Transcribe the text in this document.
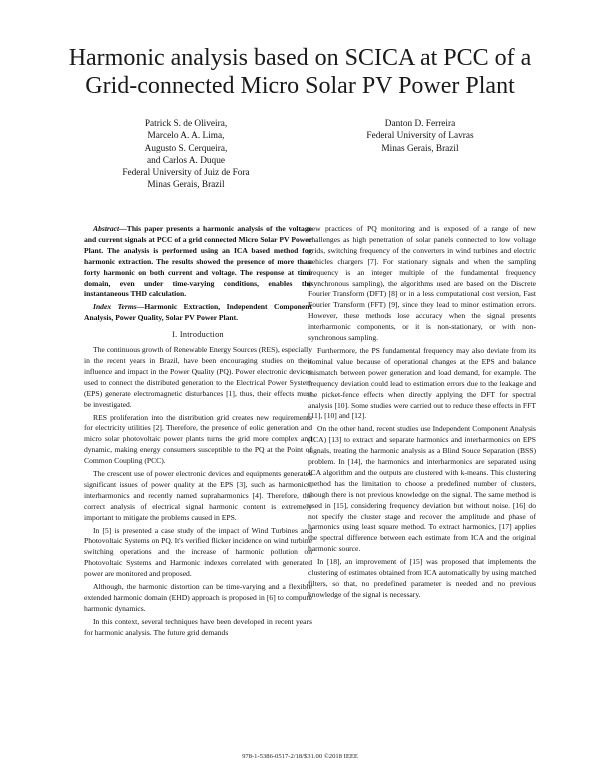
Harmonic analysis based on SCICA at PCC of a
Grid-connected Micro Solar PV Power Plant
Patrick S. de Oliveira,
Marcelo A. A. Lima,
Augusto S. Cerqueira,
and Carlos A. Duque
Federal University of Juiz de Fora
Minas Gerais, Brazil
Danton D. Ferreira
Federal University of Lavras
Minas Gerais, Brazil

Abstract—This paper presents a harmonic analysis of the voltage and current signals at PCC of a grid connected Micro Solar PV Power Plant. The analysis is performed using an ICA based method for harmonic extraction. The results showed the presence of more than forty harmonic on both current and voltage. The response at time domain, even under time-varying conditions, enables the instantaneous THD calculation.

Index Terms—Harmonic Extraction, Independent Component Analysis, Power Quality, Solar PV Power Plant.

I. Introduction

The continuous growth of Renewable Energy Sources (RES), especially in the recent years in Brazil, have been encouraging studies on their influence and impact in the Power Quality (PQ). Power electronic devices used to connect the distributed generation to the Electrical Power System (EPS) generate electromagnetic disturbances [1], thus, their effects must be investigated.

RES proliferation into the distribution grid creates new requirements for electricity utilities [2]. Therefore, the presence of eolic generation and micro solar photovoltaic power plants turns the grid more complex and dynamic, making energy consumers susceptible to the PQ at the Point of Common Coupling (PCC).

The crescent use of power electronic devices and equipments generates significant issues of power quality at the EPS [3], such as harmonics, interharmonics and recently named supraharmonics [4]. Therefore, the correct analysis of electrical signal harmonic content is extremely important to mitigate the problems caused in EPS.

In [5] is presented a case study of the impact of Wind Turbines and Photovoltaic Systems on PQ. It's verified flicker incidence on wind turbine switching operations and the increase of harmonic pollution on Photovoltaic Systems and Harmonic indexes correlated with generated power are monitored and proposed.

Although, the harmonic distortion can be time-varying and a flexible extended harmonic domain (EHD) approach is proposed in [6] to compute harmonic dynamics.

In this context, several techniques have been developed in recent years for harmonic analysis. The future grid demands

new practices of PQ monitoring and is exposed of a range of new challenges as high penetration of solar panels connected to low voltage grids, switching frequency of the converters in wind turbines and electric vehicles chargers [7]. For stationary signals and when the sampling frequency is an integer multiple of the fundamental frequency (synchronous sampling), the algorithms used are based on the Discrete Fourier Transform (DFT) [8] or in a less computational cost version, Fast Fourier Transform (FFT) [9], since they lead to minor estimation errors. However, these methods lose accuracy when the signal presents interharmonic components, or it is non-stationary, or with non-synchronous sampling.

Furthermore, the PS fundamental frequency may also deviate from its nominal value because of operational changes at the EPS and balance mismatch between power generation and load demand, for example. The frequency deviation could lead to estimation errors due to the leakage and the picket-fence effects when directly applying the DFT for spectral analysis [10]. Some studies were carried out to reduce these effects in FFT [11], [10] and [12].

On the other hand, recent studies use Independent Component Analysis (ICA) [13] to extract and separate harmonics and interharmonics on EPS signals, treating the harmonic analysis as a Blind Souce Separation (BSS) problem. In [14], the harmonics and interharmonics are separated using ICA algorithm and the outputs are clustered with k-means. This clustering method has the limitation to choose a predefined number of clusters, though there is not previous knowledge on the signal. The same method is used in [15], considering frequency deviation but without noise. [16] do not specify the cluster stage and recover the amplitude and phase of harmonics using least square method. To extract harmonics, [17] applies the spectral difference between each estimate from ICA and the original harmonic source.

In [18], an improvement of [15] was proposed that implements the clustering of estimates obtained from ICA automatically by using matched filters, so that, no predefined parameter is needed and no previous knowledge of the signal is necessary.

978-1-5386-0517-2/18/$31.00 ©2018 IEEE
